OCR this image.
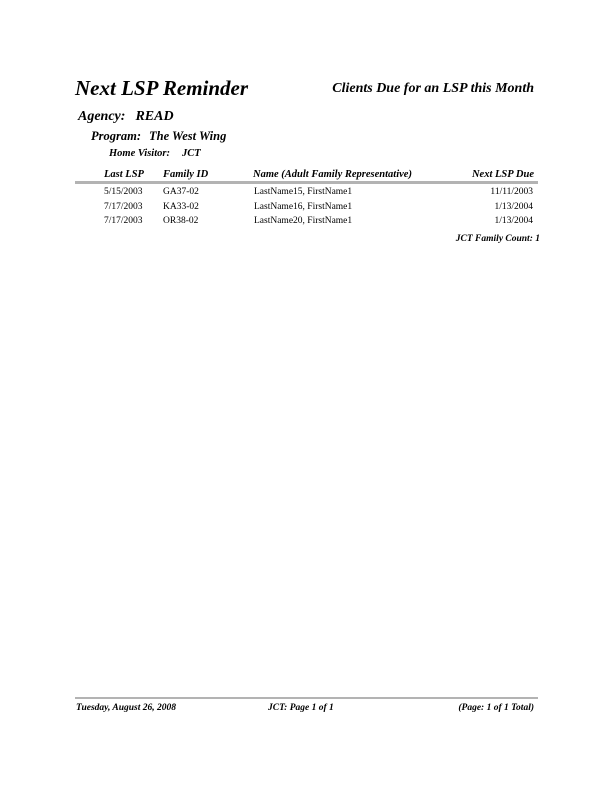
Next LSP Reminder	Clients Due for an LSP this Month
Agency: READ
Program: The West Wing
Home Visitor: JCT
Last LSP Family ID	Name (Adult Family Representative)	Next LSP Due
5/15/2003 GA37-02	LastName15, FirstName1	11/11/2003
7/17/2003 KA33-02	LastName16, FirstName1	1/13/2004
7/17/2003 OR38-02	LastName20, FirstName1	1/13/2004
JCT Family Count: 1
Tuesday, August 26, 2008	JCT: Page 1 of 1	(Page: 1 of 1 Total)
